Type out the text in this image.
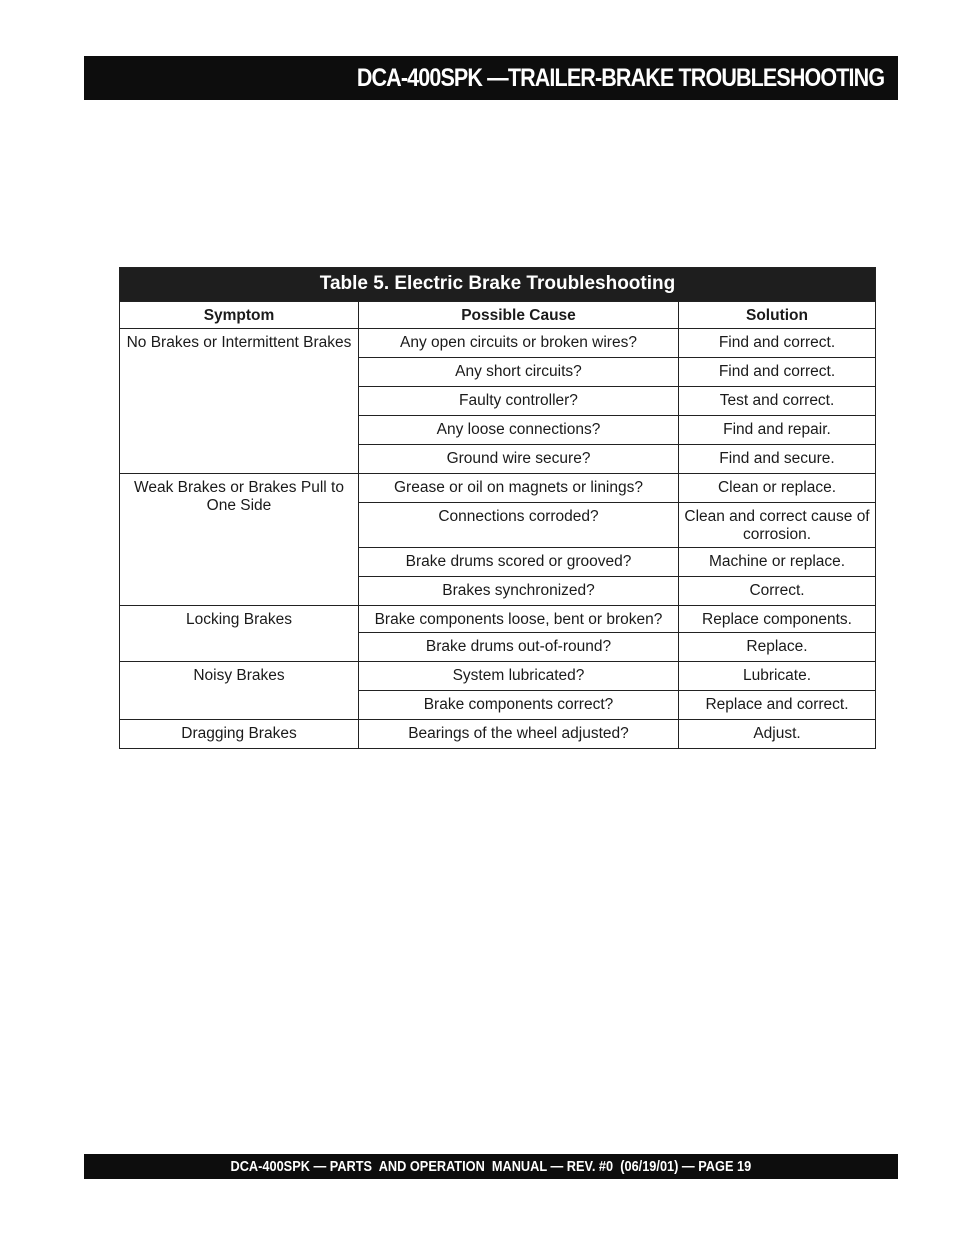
DCA-400SPK —TRAILER-BRAKE TROUBLESHOOTING
Table 5. Electric Brake Troubleshooting		
Symptom	Possible Cause	Solution
No Brakes or Intermittent Brakes	Any open circuits or broken wires?	Find and correct.
	Any short circuits?	Find and correct.
	Faulty controller?	Test and correct.
	Any loose connections?	Find and repair.
	Ground wire secure?	Find and secure.
Weak Brakes or Brakes Pull to One Side	Grease or oil on magnets or linings?	Clean or replace.
	Connections corroded?	Clean and correct cause of corrosion.
	Brake drums scored or grooved?	Machine or replace.
	Brakes synchronized?	Correct.
Locking Brakes	Brake components loose, bent or broken?	Replace components.
	Brake drums out-of-round?	Replace.
Noisy Brakes	System lubricated?	Lubricate.
	Brake components correct?	Replace and correct.
Dragging Brakes	Bearings of the wheel adjusted?	Adjust.
DCA-400SPK — PARTS  AND OPERATION  MANUAL — REV. #0  (06/19/01) — PAGE 19
